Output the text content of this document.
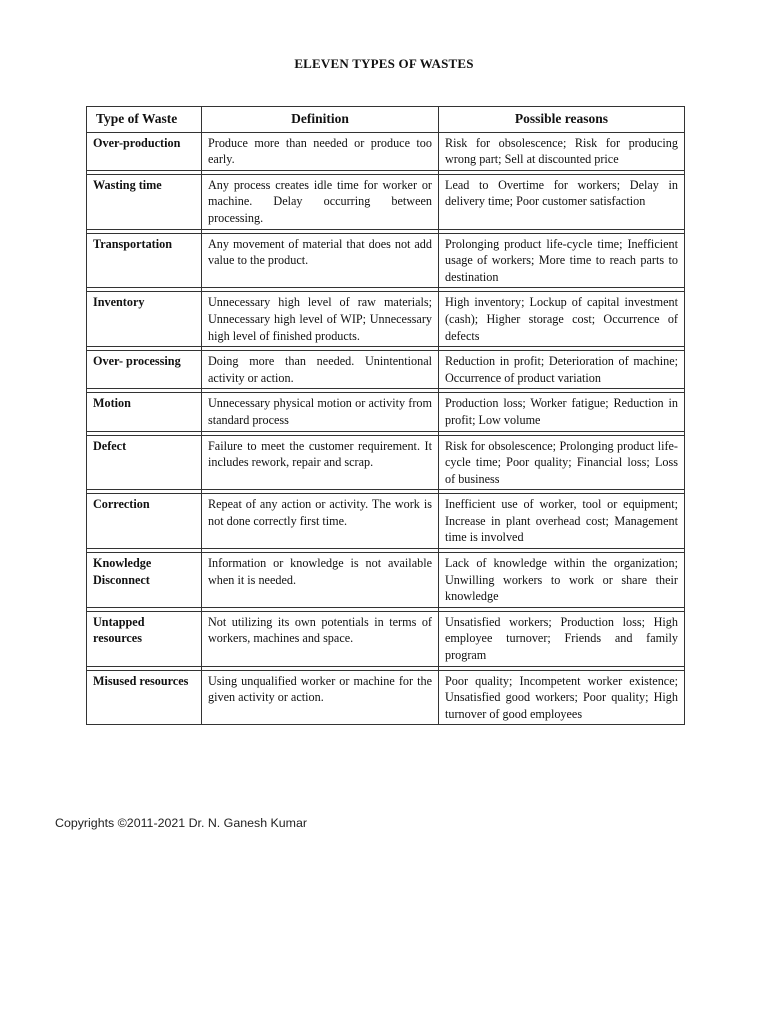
ELEVEN TYPES OF WASTES
Type of Waste	Definition	Possible reasons
Over-production	Produce more than needed or produce too early.	Risk for obsolescence; Risk for producing wrong part; Sell at discounted price

Wasting time	Any process creates idle time for worker or machine. Delay occurring between processing.	Lead to Overtime for workers; Delay in delivery time; Poor customer satisfaction

Transportation	Any movement of material that does not add value to the product.	Prolonging product life-cycle time; Inefficient usage of workers; More time to reach parts to destination

Inventory	Unnecessary high level of raw materials; Unnecessary high level of WIP; Unnecessary high level of finished products.	High inventory; Lockup of capital investment (cash); Higher storage cost; Occurrence of defects

Over- processing	Doing more than needed. Unintentional activity or action.	Reduction in profit; Deterioration of machine; Occurrence of product variation

Motion	Unnecessary physical motion or activity from standard process	Production loss; Worker fatigue; Reduction in profit; Low volume

Defect	Failure to meet the customer requirement. It includes rework, repair and scrap.	Risk for obsolescence; Prolonging product life-cycle time; Poor quality; Financial loss; Loss of business

Correction	Repeat of any action or activity. The work is not done correctly first time.	Inefficient use of worker, tool or equipment; Increase in plant overhead cost; Management time is involved

Knowledge Disconnect	Information or knowledge is not available when it is needed.	Lack of knowledge within the organization; Unwilling workers to work or share their knowledge

Untapped resources	Not utilizing its own potentials in terms of workers, machines and space.	Unsatisfied workers; Production loss; High employee turnover; Friends and family program

Misused resources	Using unqualified worker or machine for the given activity or action.	Poor quality; Incompetent worker existence; Unsatisfied good workers; Poor quality; High turnover of good employees
Copyrights ©2011-2021 Dr. N. Ganesh Kumar
